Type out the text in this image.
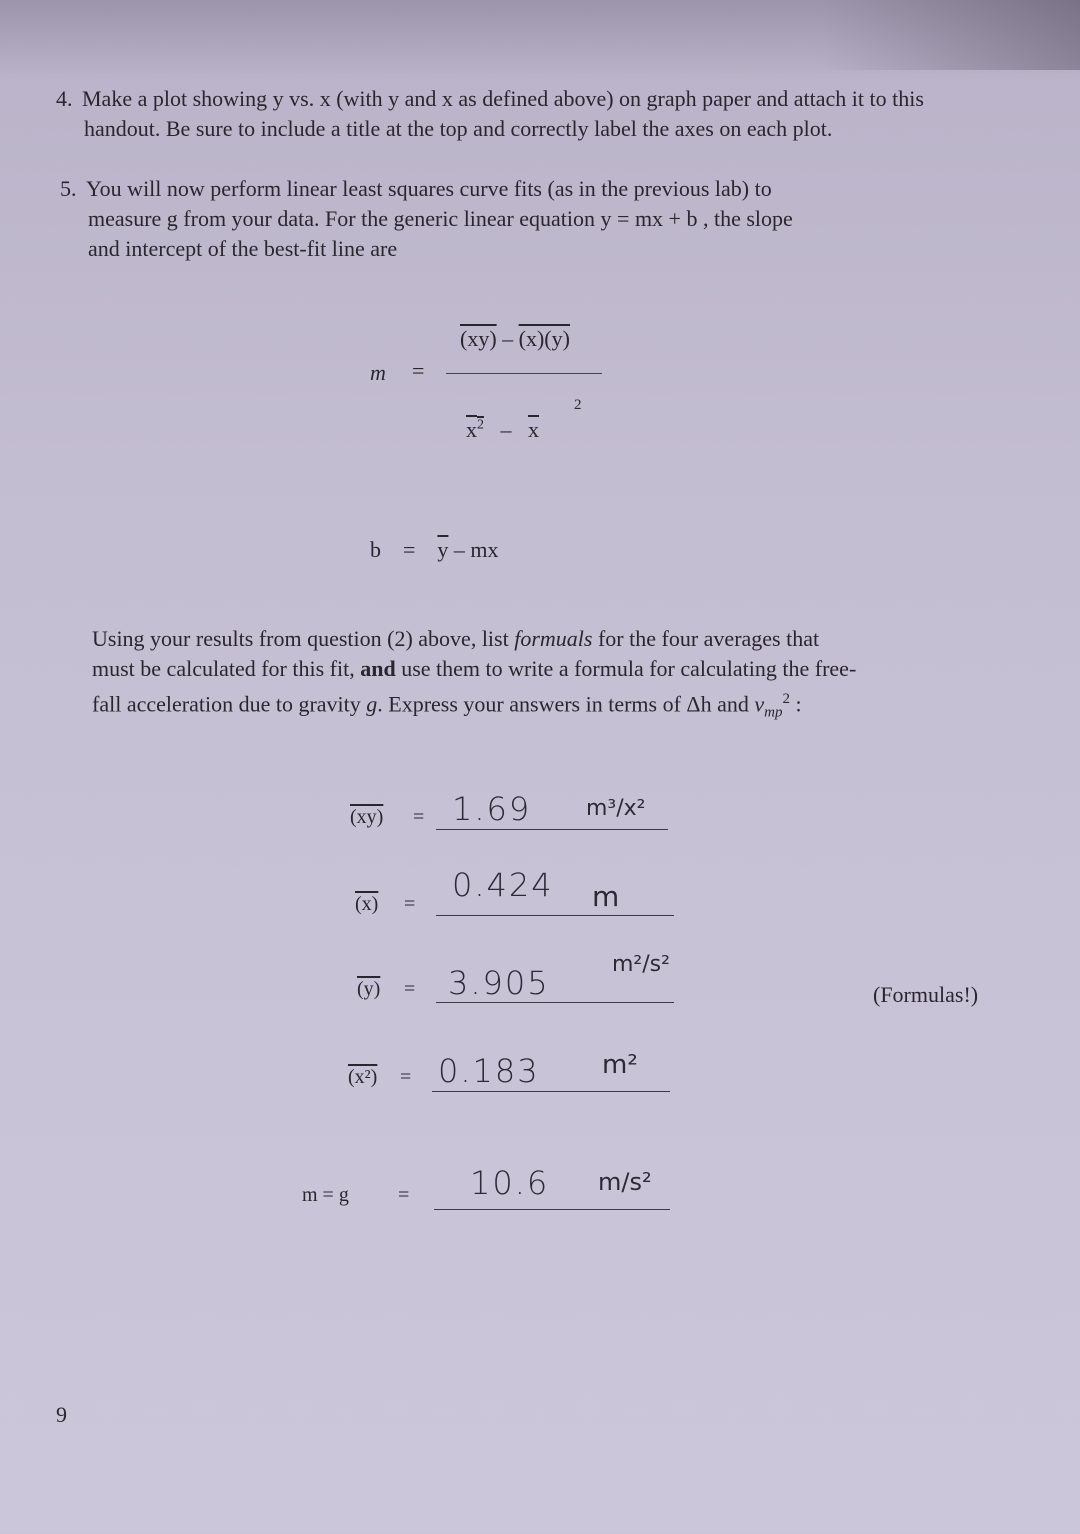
4. Make a plot showing y vs. x (with y and x as defined above) on graph paper and attach it to this
handout. Be sure to include a title at the top and correctly label the axes on each plot.
5. You will now perform linear least squares curve fits (as in the previous lab) to
measure g from your data. For the generic linear equation y = mx + b , the slope
and intercept of the best-fit line are
m =
(xy) – (x)(y)
$x^2 - \overline{x}$
2
$b = \overline{y}$ – mx
Using your results from question (2) above, list formuals for the four averages that
must be calculated for this fit, and use them to write a formula for calculating the free-
fall acceleration due to gravity g. Express your answers in terms of Δh and $v_{mp}^2$ :
(xy) = 1.69 m³/x²
(x) = 0.424 m
(y) = 3.905	m²/s²
(Formulas!)
(x²) = 0.183 m²
m = g = 10.6 m/s²
9
